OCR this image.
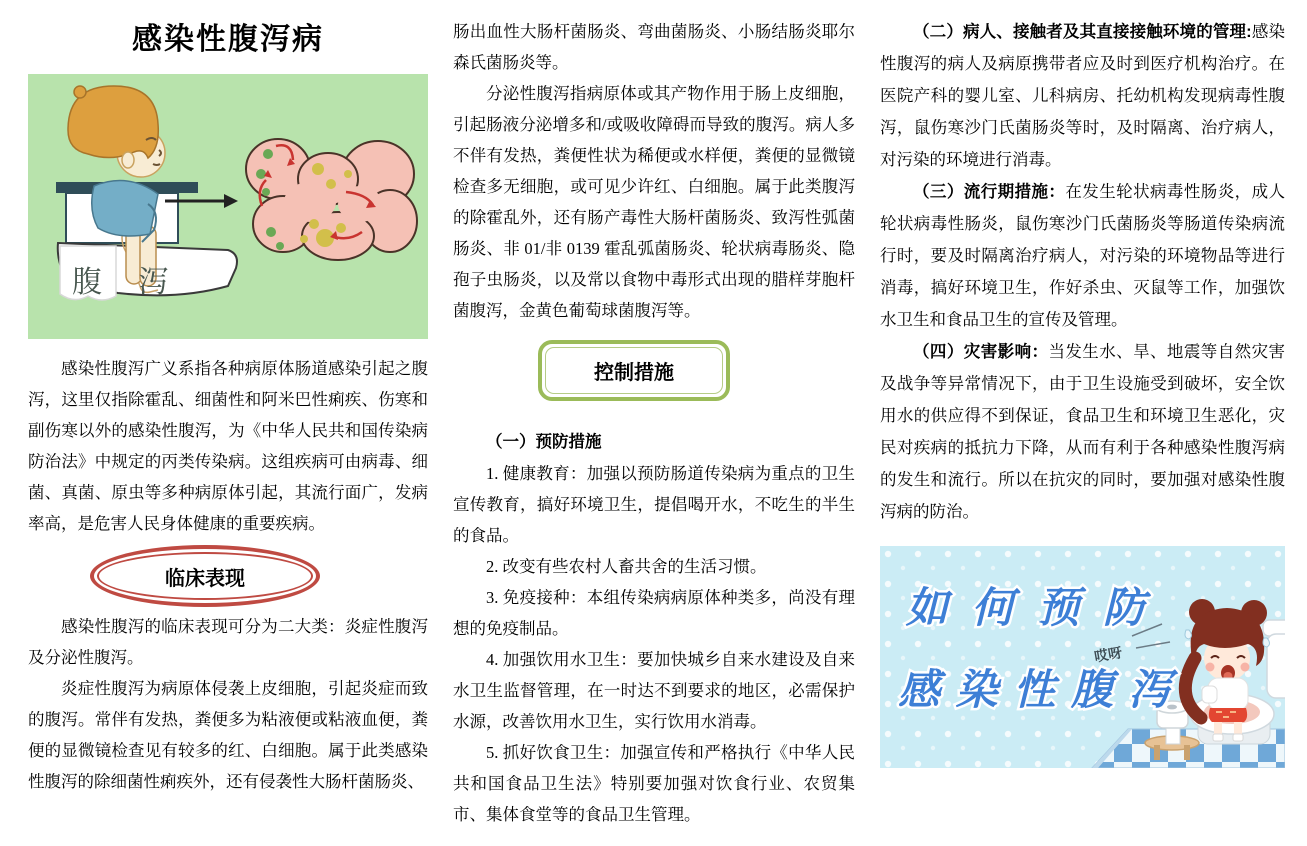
感染性腹泻病
腹 泻

感染性腹泻广义系指各种病原体肠道感染引起之腹泻，这里仅指除霍乱、细菌性和阿米巴性痢疾、伤寒和副伤寒以外的感染性腹泻，为《中华人民共和国传染病防治法》中规定的丙类传染病。这组疾病可由病毒、细菌、真菌、原虫等多种病原体引起，其流行面广，发病率高，是危害人民身体健康的重要疾病。

临床表现

感染性腹泻的临床表现可分为二大类：炎症性腹泻及分泌性腹泻。

炎症性腹泻为病原体侵袭上皮细胞，引起炎症而致的腹泻。常伴有发热，粪便多为粘液便或粘液血便，粪便的显微镜检查见有较多的红、白细胞。属于此类感染性腹泻的除细菌性痢疾外，还有侵袭性大肠杆菌肠炎、

肠出血性大肠杆菌肠炎、弯曲菌肠炎、小肠结肠炎耶尔森氏菌肠炎等。

分泌性腹泻指病原体或其产物作用于肠上皮细胞，引起肠液分泌增多和/或吸收障碍而导致的腹泻。病人多不伴有发热，粪便性状为稀便或水样便，粪便的显微镜检查多无细胞，或可见少许红、白细胞。属于此类腹泻的除霍乱外，还有肠产毒性大肠杆菌肠炎、致泻性弧菌肠炎、非 01/非 0139 霍乱弧菌肠炎、轮状病毒肠炎、隐孢子虫肠炎，以及常以食物中毒形式出现的腊样芽胞杆菌腹泻，金黄色葡萄球菌腹泻等。

控制措施

（一）预防措施

1. 健康教育：加强以预防肠道传染病为重点的卫生宣传教育，搞好环境卫生，提倡喝开水，不吃生的半生的食品。

2. 改变有些农村人畜共舍的生活习惯。

3. 免疫接种：本组传染病病原体种类多，尚没有理想的免疫制品。

4. 加强饮用水卫生：要加快城乡自来水建设及自来水卫生监督管理，在一时达不到要求的地区，必需保护水源，改善饮用水卫生，实行饮用水消毒。

5. 抓好饮食卫生：加强宣传和严格执行《中华人民共和国食品卫生法》特别要加强对饮食行业、农贸集市、集体食堂等的食品卫生管理。

（二）病人、接触者及其直接接触环境的管理:感染性腹泻的病人及病原携带者应及时到医疗机构治疗。在医院产科的婴儿室、儿科病房、托幼机构发现病毒性腹泻，鼠伤寒沙门氏菌肠炎等时，及时隔离、治疗病人，对污染的环境进行消毒。

（三）流行期措施：在发生轮状病毒性肠炎，成人轮状病毒性肠炎，鼠伤寒沙门氏菌肠炎等肠道传染病流行时，要及时隔离治疗病人，对污染的环境物品等进行消毒，搞好环境卫生，作好杀虫、灭鼠等工作，加强饮水卫生和食品卫生的宣传及管理。

（四）灾害影响：当发生水、旱、地震等自然灾害及战争等异常情况下，由于卫生设施受到破坏，安全饮用水的供应得不到保证，食品卫生和环境卫生恶化，灾民对疾病的抵抗力下降，从而有利于各种感染性腹泻病的发生和流行。所以在抗灾的同时，要加强对感染性腹泻病的防治。

哎呀
如 何 预 防
感 染 性 腹 泻
